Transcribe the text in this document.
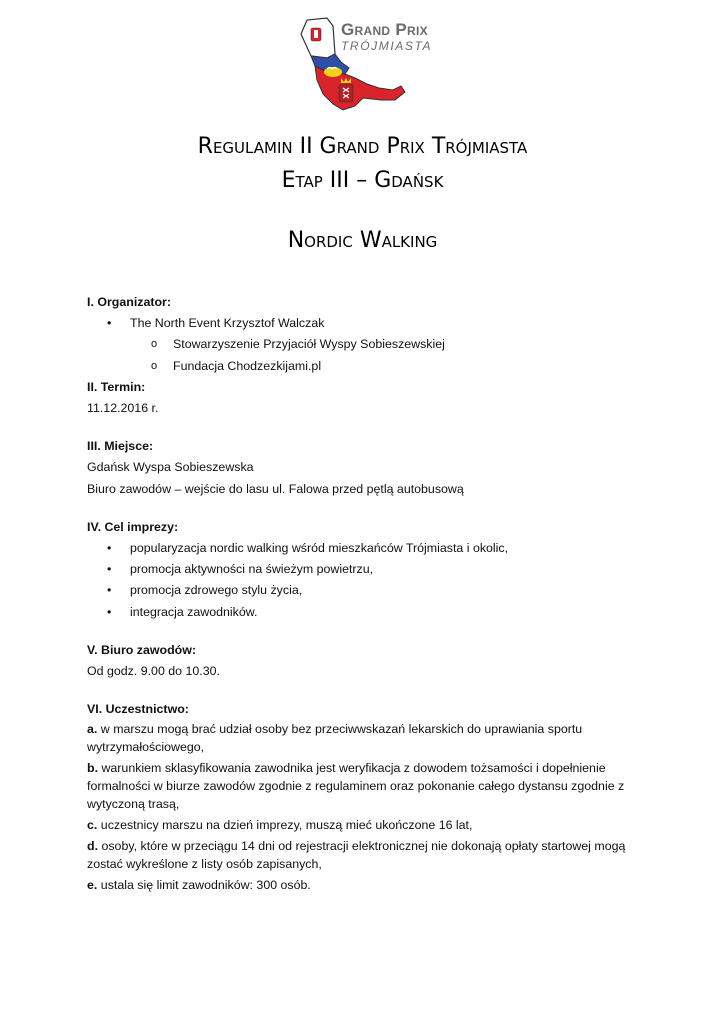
Grand Prix
TRÓJMIASTA
Regulamin II Grand Prix Trójmiasta
Etap III – Gdańsk
Nordic Walking
I. Organizator:
• The North Event Krzysztof Walczak
o Stowarzyszenie Przyjaciół Wyspy Sobieszewskiej
o Fundacja Chodzezkijami.pl
II. Termin:
11.12.2016 r.
III. Miejsce:
Gdańsk Wyspa Sobieszewska
Biuro zawodów – wejście do lasu ul. Falowa przed pętlą autobusową
IV. Cel imprezy:
• popularyzacja nordic walking wśród mieszkańców Trójmiasta i okolic,
• promocja aktywności na świeżym powietrzu,
• promocja zdrowego stylu życia,
• integracja zawodników.
V. Biuro zawodów:
Od godz. 9.00 do 10.30.
VI. Uczestnictwo:
a. w marszu mogą brać udział osoby bez przeciwwskazań lekarskich do uprawiania sportu wytrzymałościowego,
b. warunkiem sklasyfikowania zawodnika jest weryfikacja z dowodem tożsamości i dopełnienie formalności w biurze zawodów zgodnie z regulaminem oraz pokonanie całego dystansu zgodnie z wytyczoną trasą,
c. uczestnicy marszu na dzień imprezy, muszą mieć ukończone 16 lat,
d. osoby, które w przeciągu 14 dni od rejestracji elektronicznej nie dokonają opłaty startowej mogą zostać wykreślone z listy osób zapisanych,
e. ustala się limit zawodników: 300 osób.
